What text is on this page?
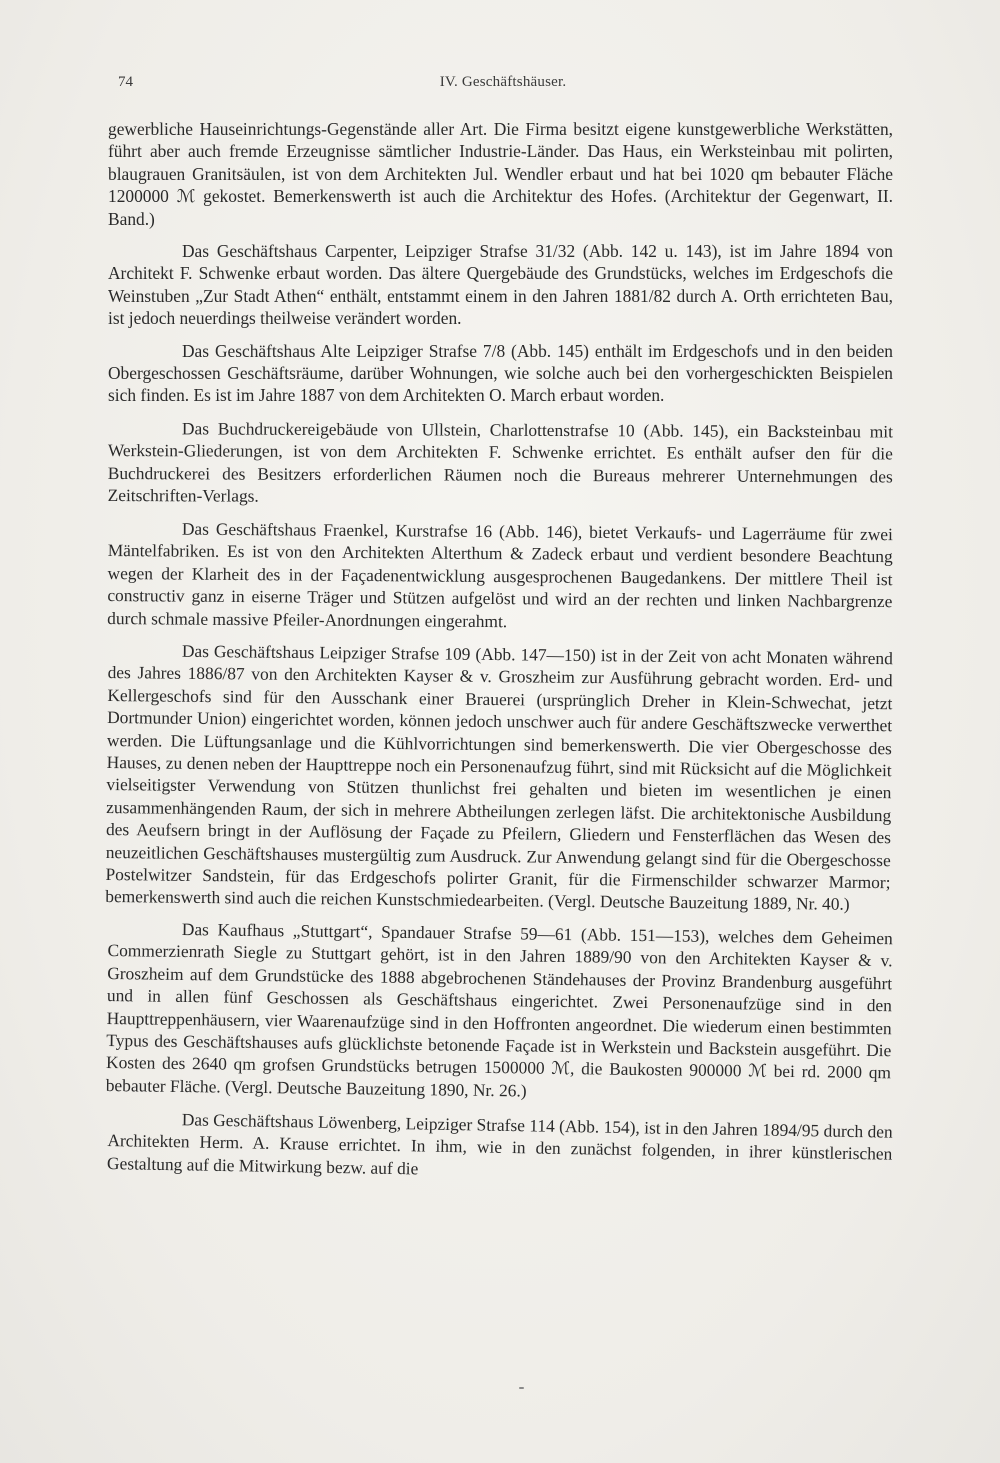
74	IV. Geschäftshäuser.

gewerbliche Hauseinrichtungs-Gegenstände aller Art. Die Firma besitzt eigene kunstgewerbliche Werkstätten, führt aber auch fremde Erzeugnisse sämtlicher Industrie-Länder. Das Haus, ein Werksteinbau mit polirten, blaugrauen Granitsäulen, ist von dem Architekten Jul. Wendler erbaut und hat bei 1020 qm bebauter Fläche 1200000 ℳ gekostet. Bemerkenswerth ist auch die Architektur des Hofes. (Architektur der Gegenwart, II. Band.)

Das Geschäftshaus Carpenter, Leipziger Strafse 31/32 (Abb. 142 u. 143), ist im Jahre 1894 von Architekt F. Schwenke erbaut worden. Das ältere Quergebäude des Grundstücks, welches im Erdgeschofs die Weinstuben „Zur Stadt Athen“ enthält, entstammt einem in den Jahren 1881/82 durch A. Orth errichteten Bau, ist jedoch neuerdings theilweise verändert worden.

Das Geschäftshaus Alte Leipziger Strafse 7/8 (Abb. 145) enthält im Erdgeschofs und in den beiden Obergeschossen Geschäftsräume, darüber Wohnungen, wie solche auch bei den vorhergeschickten Beispielen sich finden. Es ist im Jahre 1887 von dem Architekten O. March erbaut worden.

Das Buchdruckereigebäude von Ullstein, Charlottenstrafse 10 (Abb. 145), ein Backsteinbau mit Werkstein-Gliederungen, ist von dem Architekten F. Schwenke errichtet. Es enthält aufser den für die Buchdruckerei des Besitzers erforderlichen Räumen noch die Bureaus mehrerer Unternehmungen des Zeitschriften-Verlags.

Das Geschäftshaus Fraenkel, Kurstrafse 16 (Abb. 146), bietet Verkaufs- und Lagerräume für zwei Mäntelfabriken. Es ist von den Architekten Alterthum & Zadeck erbaut und verdient besondere Beachtung wegen der Klarheit des in der Façadenentwicklung ausgesprochenen Baugedankens. Der mittlere Theil ist constructiv ganz in eiserne Träger und Stützen aufgelöst und wird an der rechten und linken Nachbargrenze durch schmale massive Pfeiler-Anordnungen eingerahmt.

Das Geschäftshaus Leipziger Strafse 109 (Abb. 147—150) ist in der Zeit von acht Monaten während des Jahres 1886/87 von den Architekten Kayser & v. Groszheim zur Ausführung gebracht worden. Erd- und Kellergeschofs sind für den Ausschank einer Brauerei (ursprünglich Dreher in Klein-Schwechat, jetzt Dortmunder Union) eingerichtet worden, können jedoch unschwer auch für andere Geschäftszwecke verwerthet werden. Die Lüftungsanlage und die Kühlvorrichtungen sind bemerkenswerth. Die vier Obergeschosse des Hauses, zu denen neben der Haupttreppe noch ein Personenaufzug führt, sind mit Rücksicht auf die Möglichkeit vielseitigster Verwendung von Stützen thunlichst frei gehalten und bieten im wesentlichen je einen zusammenhängenden Raum, der sich in mehrere Abtheilungen zerlegen läfst. Die architektonische Ausbildung des Aeufsern bringt in der Auflösung der Façade zu Pfeilern, Gliedern und Fensterflächen das Wesen des neuzeitlichen Geschäftshauses mustergültig zum Ausdruck. Zur Anwendung gelangt sind für die Obergeschosse Postelwitzer Sandstein, für das Erdgeschofs polirter Granit, für die Firmenschilder schwarzer Marmor; bemerkenswerth sind auch die reichen Kunstschmiedearbeiten. (Vergl. Deutsche Bauzeitung 1889, Nr. 40.)

Das Kaufhaus „Stuttgart“, Spandauer Strafse 59—61 (Abb. 151—153), welches dem Geheimen Commerzienrath Siegle zu Stuttgart gehört, ist in den Jahren 1889/90 von den Architekten Kayser & v. Groszheim auf dem Grundstücke des 1888 abgebrochenen Ständehauses der Provinz Brandenburg ausgeführt und in allen fünf Geschossen als Geschäftshaus eingerichtet. Zwei Personenaufzüge sind in den Haupttreppenhäusern, vier Waarenaufzüge sind in den Hoffronten angeordnet. Die wiederum einen bestimmten Typus des Geschäftshauses aufs glücklichste betonende Façade ist in Werkstein und Backstein ausgeführt. Die Kosten des 2640 qm grofsen Grundstücks betrugen 1500000 ℳ, die Baukosten 900000 ℳ bei rd. 2000 qm bebauter Fläche. (Vergl. Deutsche Bauzeitung 1890, Nr. 26.)

Das Geschäftshaus Löwenberg, Leipziger Strafse 114 (Abb. 154), ist in den Jahren 1894/95 durch den Architekten Herm. A. Krause errichtet. In ihm, wie in den zunächst folgenden, in ihrer künstlerischen Gestaltung auf die Mitwirkung bezw. auf die
